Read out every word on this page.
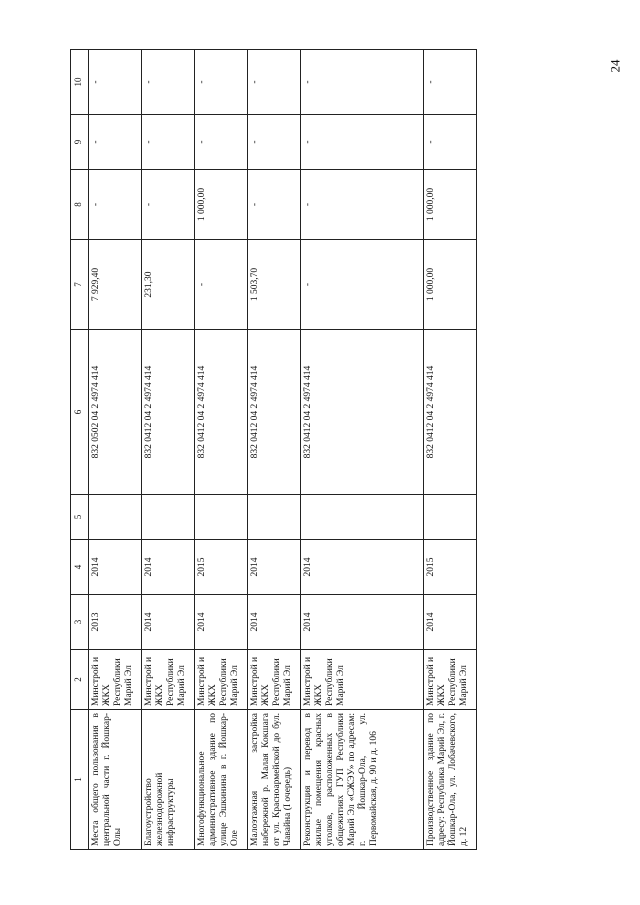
24
1	2	3	4	5	6	7	8	9	10
Места общего пользования в центральной части г. Йошкар-Олы	Минстрой и ЖКХ Республики Марий Эл	2013	2014		832 0502 04 2 4974 414	7 929,40	-	-	-
Благоустройство железнодорожной инфраструктуры	Минстрой и ЖКХ Республики Марий Эл	2014	2014		832 0412 04 2 4974 414	231,30	-	-	-
Многофункциональное административное здание по улице Эшкинина в г. Йошкар-Оле	Минстрой и ЖКХ Республики Марий Эл	2014	2015		832 0412 04 2 4974 414	-	1 000,00	-	-
Малоэтажная застройка набережной р. Малая Кокшага от ул. Красноармейской до бул. Чавайна (I очередь)	Минстрой и ЖКХ Республики Марий Эл	2014	2014		832 0412 04 2 4974 414	1 503,70	-	-	-
Реконструкция и перевод в жилые помещения красных уголков, расположенных в общежитиях ГУП Республики Марий Эл «СЖЭУ» по адресам: г. Йошкар-Ола, ул. Первомайская, д. 90 и д. 106	Минстрой и ЖКХ Республики Марий Эл	2014	2014		832 0412 04 2 4974 414	-	-	-	-
Производственное здание по адресу: Республика Марий Эл, г. Йошкар-Ола, ул. Лобачевского, д. 12	Минстрой и ЖКХ Республики Марий Эл	2014	2015		832 0412 04 2 4974 414	1 000,00	1 000,00	-	-
